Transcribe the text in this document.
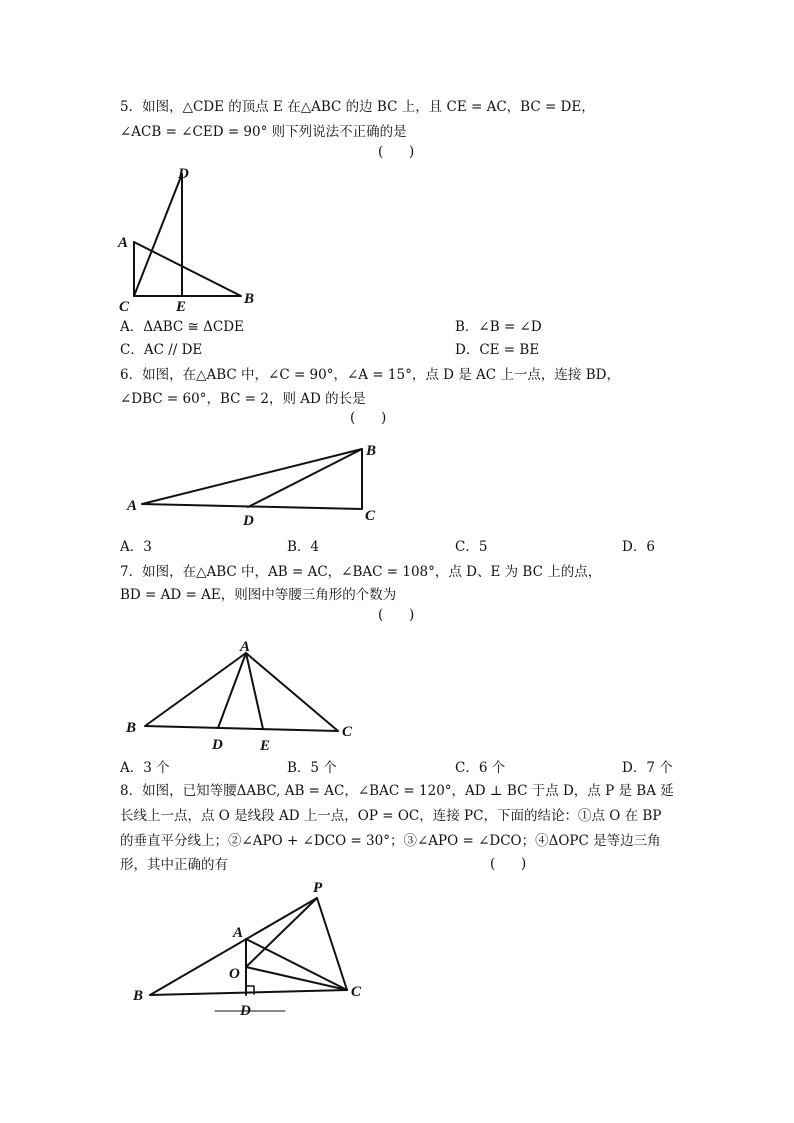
5．如图，△CDE 的顶点 E 在△ABC 的边 BC 上，且 CE = AC，BC = DE，
∠ACB = ∠CED = 90° 则下列说法不正确的是
(      )
D
A
C	E	B
A．ΔABC ≅ ΔCDE	B．∠B = ∠D
C．AC // DE	D．CE = BE
6．如图，在△ABC 中，∠C = 90°，∠A = 15°，点 D 是 AC 上一点，连接 BD，
∠DBC = 60°，BC = 2，则 AD 的长是
(      )
B
A
D	C
A．3	B．4	C．5	D．6
7．如图，在△ABC 中，AB = AC，∠BAC = 108°，点 D、E 为 BC 上的点，
BD = AD = AE，则图中等腰三角形的个数为
(      )
A
B
D E
C
A．3 个	B．5 个	C．6 个	D．7 个
8．如图，已知等腰ΔABC, AB = AC，∠BAC = 120°，AD ⊥ BC 于点 D，点 P 是 BA 延
长线上一点，点 O 是线段 AD 上一点，OP = OC，连接 PC，下面的结论：①点 O 在 BP
的垂直平分线上；②∠APO + ∠DCO = 30°；③∠APO = ∠DCO；④ΔOPC 是等边三角
形，其中正确的有	(      )
P
A
O
B	C
D
